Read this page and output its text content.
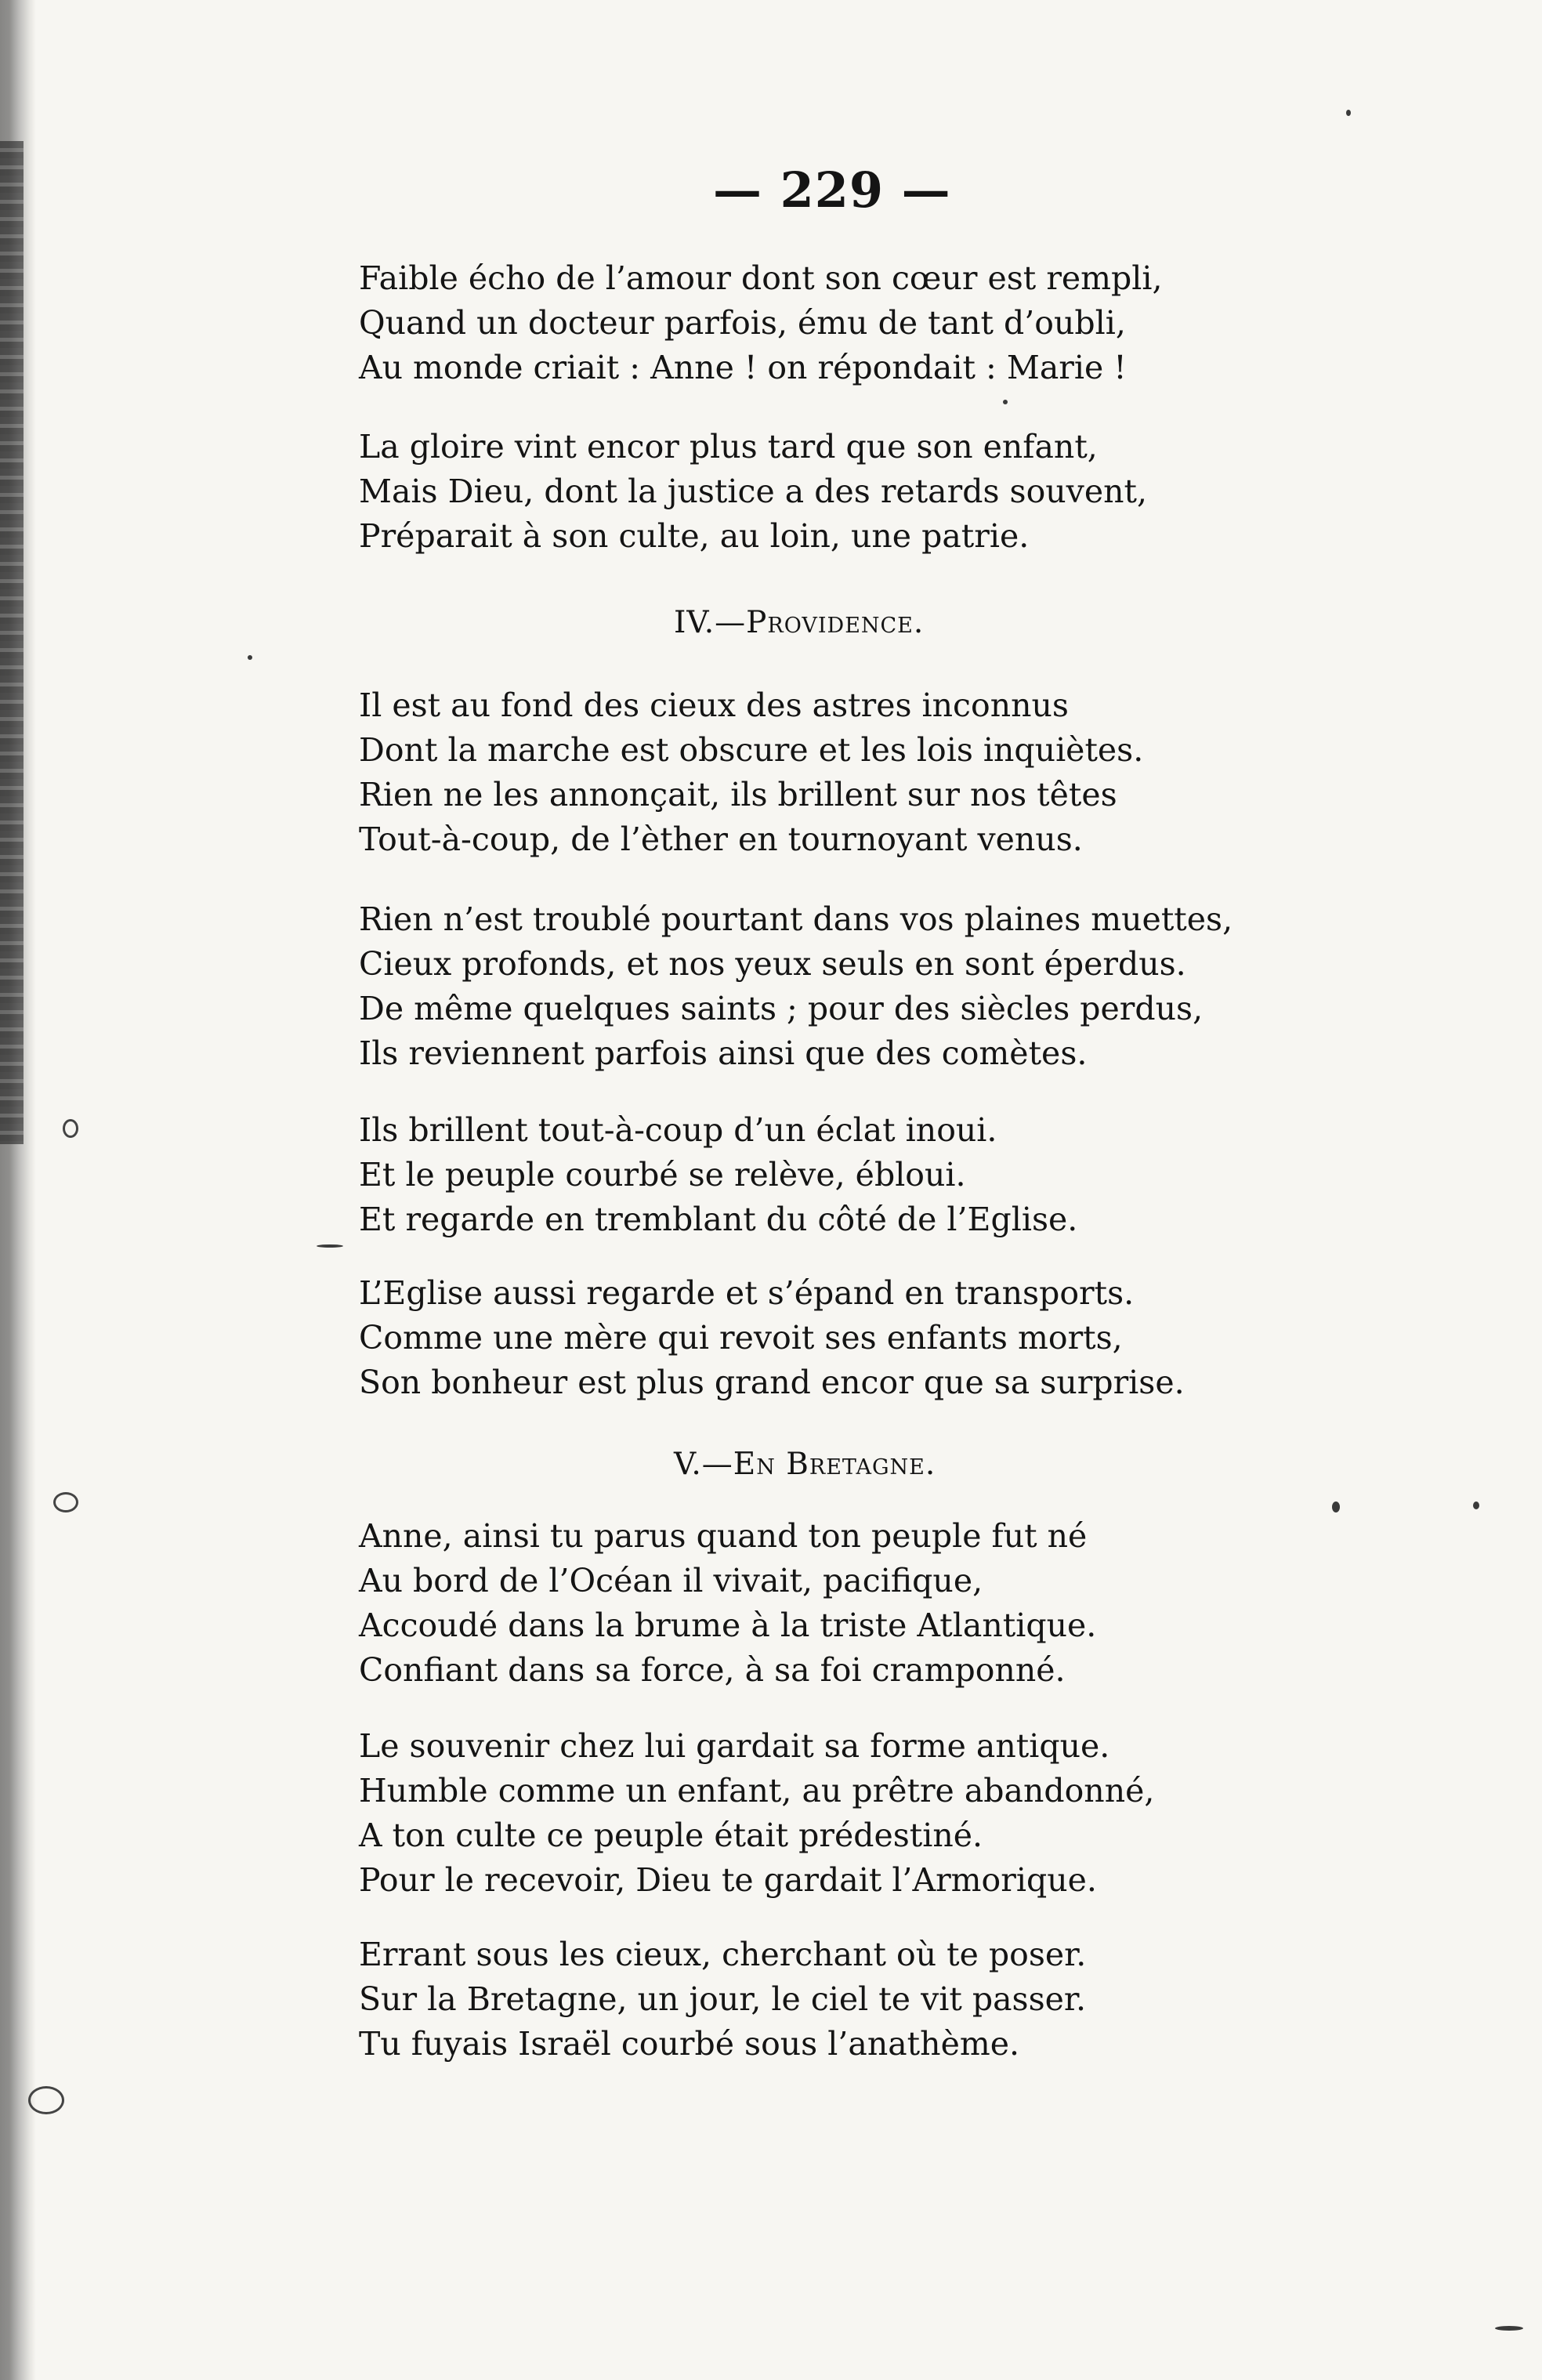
— 229 —
Faible écho de l’amour dont son cœur est rempli,
Quand un docteur parfois, ému de tant d’oubli,
Au monde criait : Anne ! on répondait : Marie !
La gloire vint encor plus tard que son enfant,
Mais Dieu, dont la justice a des retards souvent,
Préparait à son culte, au loin, une patrie.
IV.—Providence.
Il est au fond des cieux des astres inconnus
Dont la marche est obscure et les lois inquiètes.
Rien ne les annonçait, ils brillent sur nos têtes
Tout-à-coup, de l’èther en tournoyant venus.
Rien n’est troublé pourtant dans vos plaines muettes,
Cieux profonds, et nos yeux seuls en sont éperdus.
De même quelques saints ; pour des siècles perdus,
Ils reviennent parfois ainsi que des comètes.
Ils brillent tout-à-coup d’un éclat inoui.
Et le peuple courbé se relève, ébloui.
Et regarde en tremblant du côté de l’Eglise.
L’Eglise aussi regarde et s’épand en transports.
Comme une mère qui revoit ses enfants morts,
Son bonheur est plus grand encor que sa surprise.
V.—En Bretagne.
Anne, ainsi tu parus quand ton peuple fut né
Au bord de l’Océan il vivait, pacifique,
Accoudé dans la brume à la triste Atlantique.
Confiant dans sa force, à sa foi cramponné.
Le souvenir chez lui gardait sa forme antique.
Humble comme un enfant, au prêtre abandonné,
A ton culte ce peuple était prédestiné.
Pour le recevoir, Dieu te gardait l’Armorique.
Errant sous les cieux, cherchant où te poser.
Sur la Bretagne, un jour, le ciel te vit passer.
Tu fuyais Israël courbé sous l’anathème.
